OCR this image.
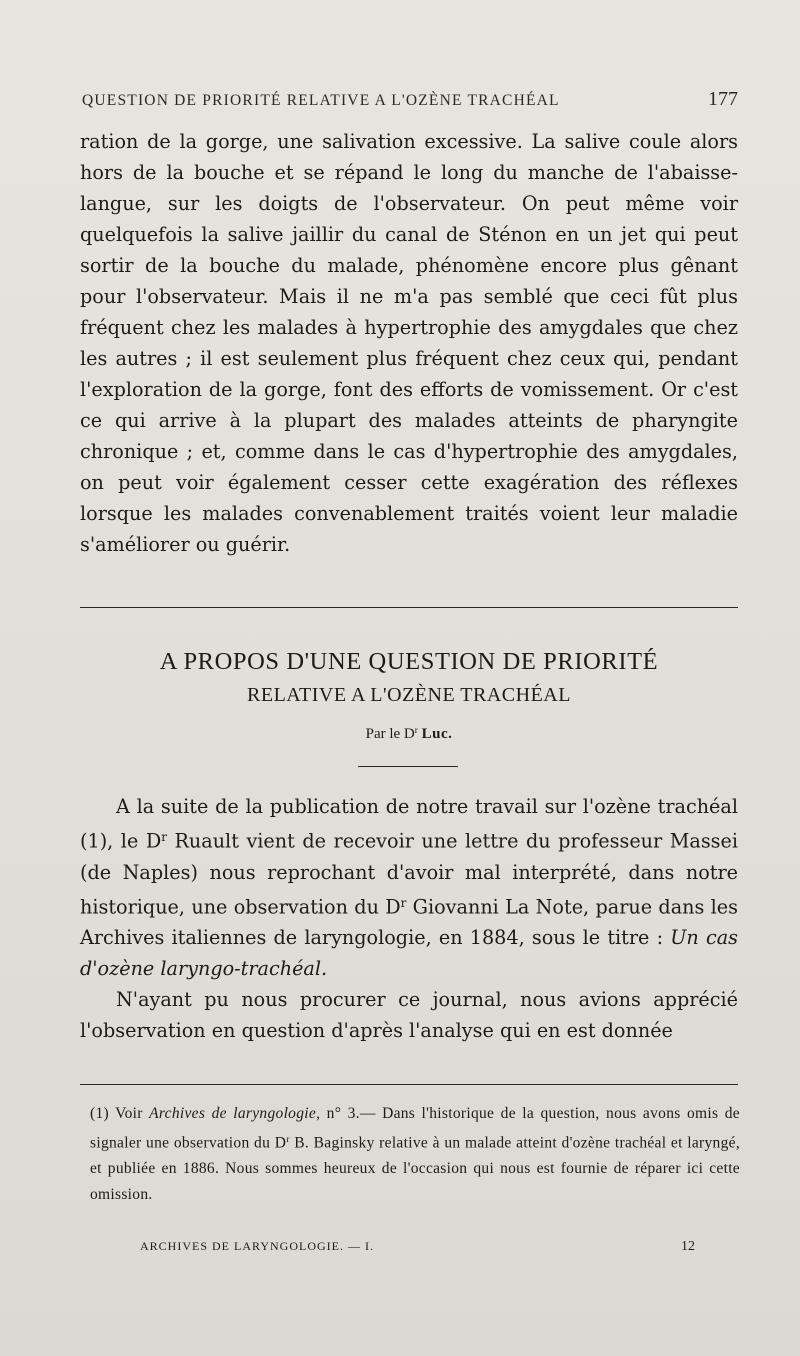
QUESTION DE PRIORITÉ RELATIVE A L'OZÈNE TRACHÉAL	177

ration de la gorge, une salivation excessive. La salive coule alors hors de la bouche et se répand le long du manche de l'abaisse-langue, sur les doigts de l'observateur. On peut même voir quelquefois la salive jaillir du canal de Sténon en un jet qui peut sortir de la bouche du malade, phénomène encore plus gênant pour l'observateur. Mais il ne m'a pas semblé que ceci fût plus fréquent chez les malades à hypertrophie des amygdales que chez les autres ; il est seulement plus fréquent chez ceux qui, pendant l'exploration de la gorge, font des efforts de vomissement. Or c'est ce qui arrive à la plupart des malades atteints de pharyngite chronique ; et, comme dans le cas d'hypertrophie des amygdales, on peut voir également cesser cette exagération des réflexes lorsque les malades convenablement traités voient leur maladie s'améliorer ou guérir.

A PROPOS D'UNE QUESTION DE PRIORITÉ
RELATIVE A L'OZÈNE TRACHÉAL
Par le $D^r$ Luc.

A la suite de la publication de notre travail sur l'ozène trachéal (1), le $D^r$ Ruault vient de recevoir une lettre du professeur Massei (de Naples) nous reprochant d'avoir mal interprété, dans notre historique, une observation du $D^r$ Giovanni La Note, parue dans les Archives italiennes de laryngologie, en 1884, sous le titre : Un cas d'ozène laryngo-trachéal.

N'ayant pu nous procurer ce journal, nous avions apprécié l'observation en question d'après l'analyse qui en est donnée

(1) Voir Archives de laryngologie, n° 3.— Dans l'historique de la question, nous avons omis de signaler une observation du $D^r$ B. Baginsky relative à un malade atteint d'ozène trachéal et laryngé, et publiée en 1886. Nous sommes heureux de l'occasion qui nous est fournie de réparer ici cette omission.
ARCHIVES DE LARYNGOLOGIE. — I.	12
